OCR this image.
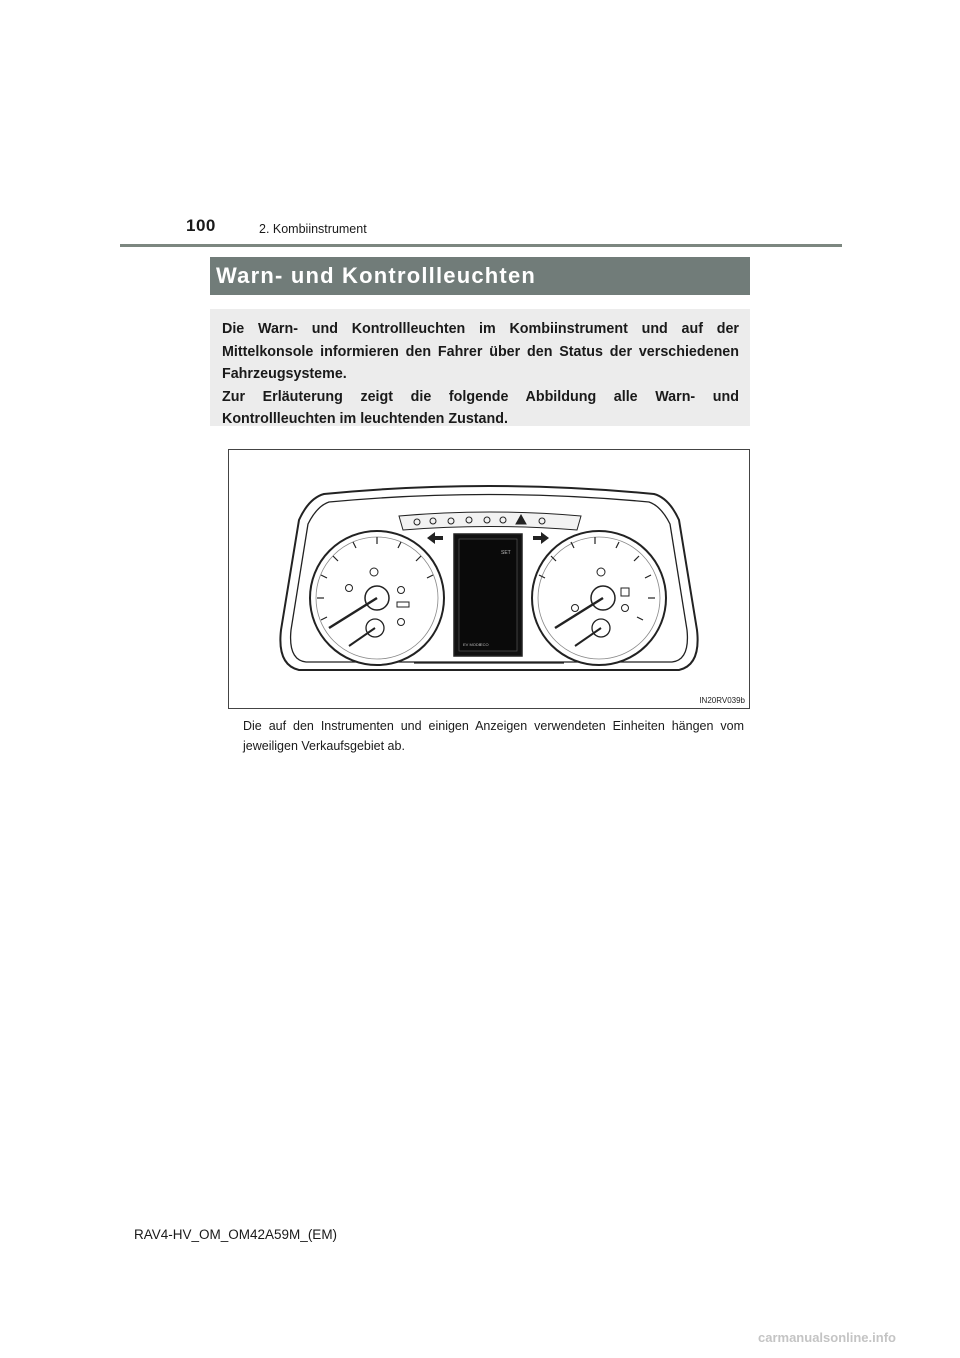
100	2. Kombiinstrument
Warn- und Kontrollleuchten

Die Warn- und Kontrollleuchten im Kombiinstrument und auf der Mittelkonsole informieren den Fahrer über den Status der verschiedenen Fahrzeugsysteme.

Zur Erläuterung zeigt die folgende Abbildung alle Warn- und Kontrollleuchten im leuchtenden Zustand.

SET
EV MODE
ECO
IN20RV039b

Die auf den Instrumenten und einigen Anzeigen verwendeten Einheiten hängen vom jeweiligen Verkaufsgebiet ab.

RAV4-HV_OM_OM42A59M_(EM)
carmanualsonline.info
